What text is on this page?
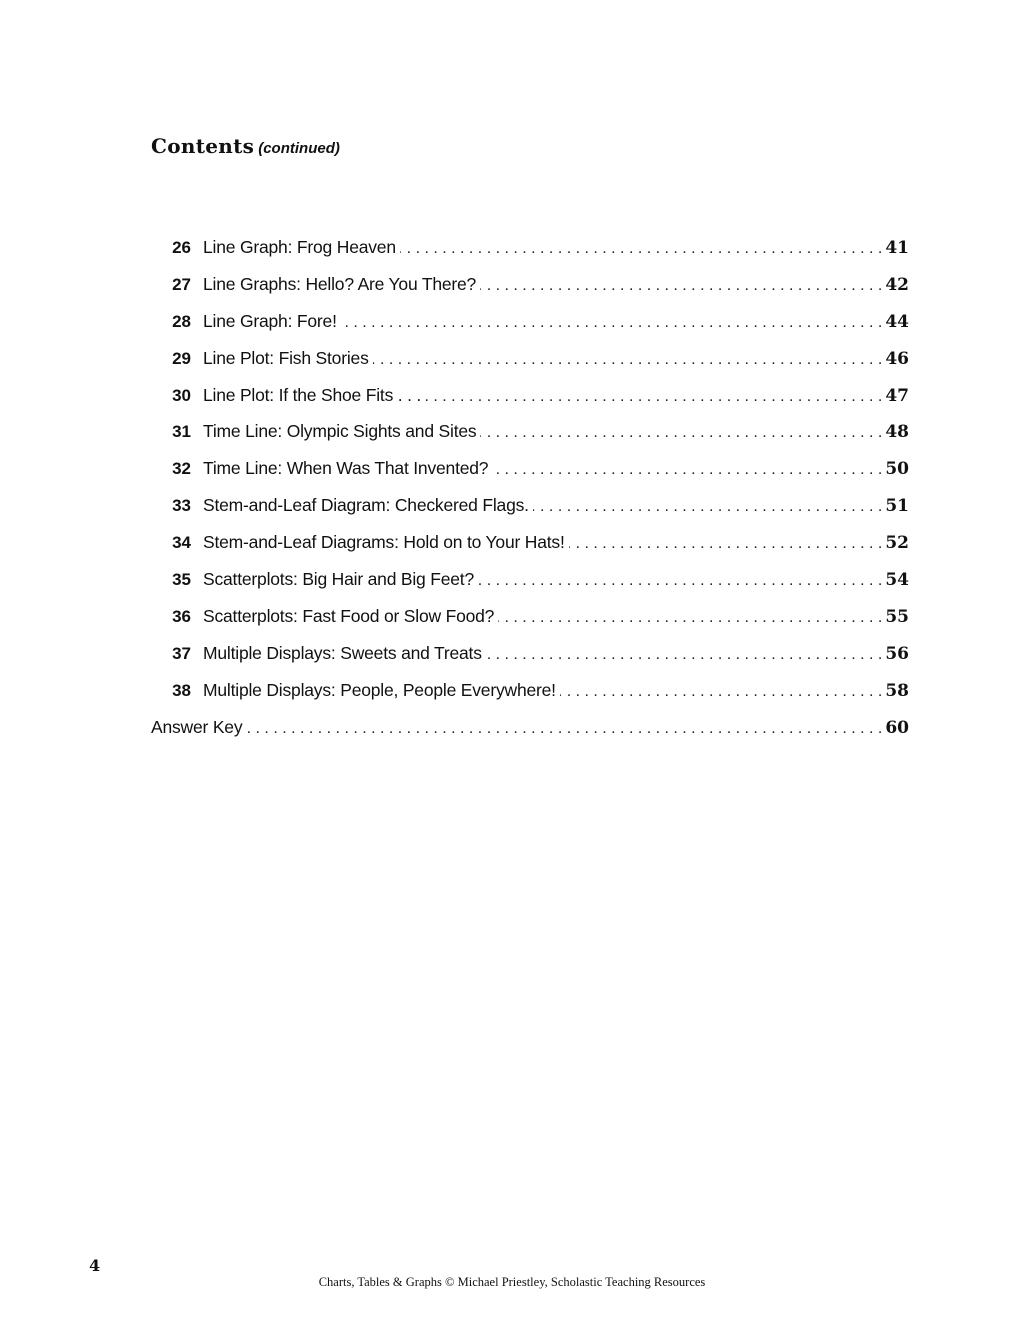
Contents (continued)
26 Line Graph: Frog Heaven . . .	41
27 Line Graphs: Hello? Are You There? . . .	42
28 Line Graph: Fore! . . .	44
29 Line Plot: Fish Stories . . .	46
30 Line Plot: If the Shoe Fits . . . . . .	47
31 Time Line: Olympic Sights and Sites . . .	48
32 Time Line: When Was That Invented? . . .	50
33 Stem-and-Leaf Diagram: Checkered Flags. . . .	51
34 Stem-and-Leaf Diagrams: Hold on to Your Hats! . . .	52
35 Scatterplots: Big Hair and Big Feet? . . .	54
36 Scatterplots: Fast Food or Slow Food? . . .	55
37 Multiple Displays: Sweets and Treats . . .	56
38 Multiple Displays: People, People Everywhere! . . .	58
Answer Key . . .	60

4

Charts, Tables & Graphs © Michael Priestley, Scholastic Teaching Resources
